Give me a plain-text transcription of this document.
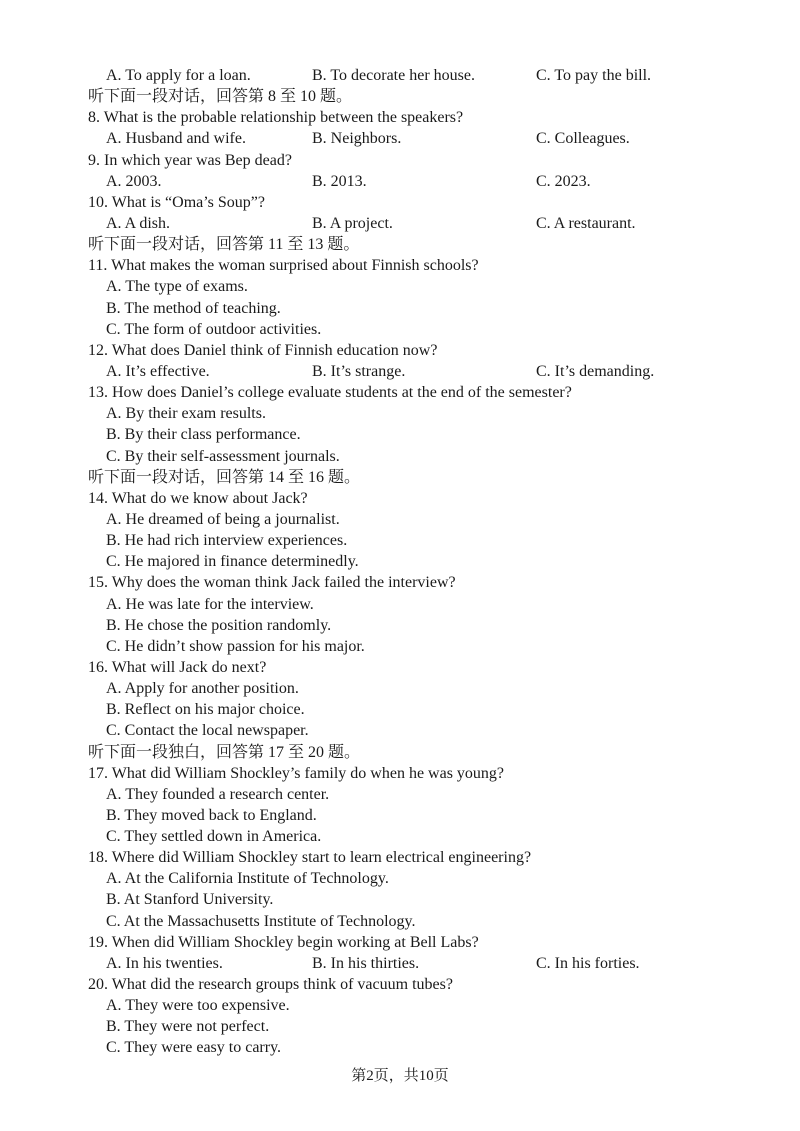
A. To apply for a loan.	B. To decorate her house.	C. To pay the bill.
听下面一段对话，回答第 8 至 10 题。
8. What is the probable relationship between the speakers?
A. Husband and wife.	B. Neighbors.	C. Colleagues.
9. In which year was Bep dead?
A. 2003.	B. 2013.	C. 2023.
10. What is “Oma’s Soup”?
A. A dish.	B. A project.	C. A restaurant.
听下面一段对话，回答第 11 至 13 题。
11. What makes the woman surprised about Finnish schools?
A. The type of exams.
B. The method of teaching.
C. The form of outdoor activities.
12. What does Daniel think of Finnish education now?
A. It’s effective.	B. It’s strange.	C. It’s demanding.
13. How does Daniel’s college evaluate students at the end of the semester?
A. By their exam results.
B. By their class performance.
C. By their self-assessment journals.
听下面一段对话，回答第 14 至 16 题。
14. What do we know about Jack?
A. He dreamed of being a journalist.
B. He had rich interview experiences.
C. He majored in finance determinedly.
15. Why does the woman think Jack failed the interview?
A. He was late for the interview.
B. He chose the position randomly.
C. He didn’t show passion for his major.
16. What will Jack do next?
A. Apply for another position.
B. Reflect on his major choice.
C. Contact the local newspaper.
听下面一段独白，回答第 17 至 20 题。
17. What did William Shockley’s family do when he was young?
A. They founded a research center.
B. They moved back to England.
C. They settled down in America.
18. Where did William Shockley start to learn electrical engineering?
A. At the California Institute of Technology.
B. At Stanford University.
C. At the Massachusetts Institute of Technology.
19. When did William Shockley begin working at Bell Labs?
A. In his twenties.	B. In his thirties.	C. In his forties.
20. What did the research groups think of vacuum tubes?
A. They were too expensive.
B. They were not perfect.
C. They were easy to carry.
第2页，共10页
